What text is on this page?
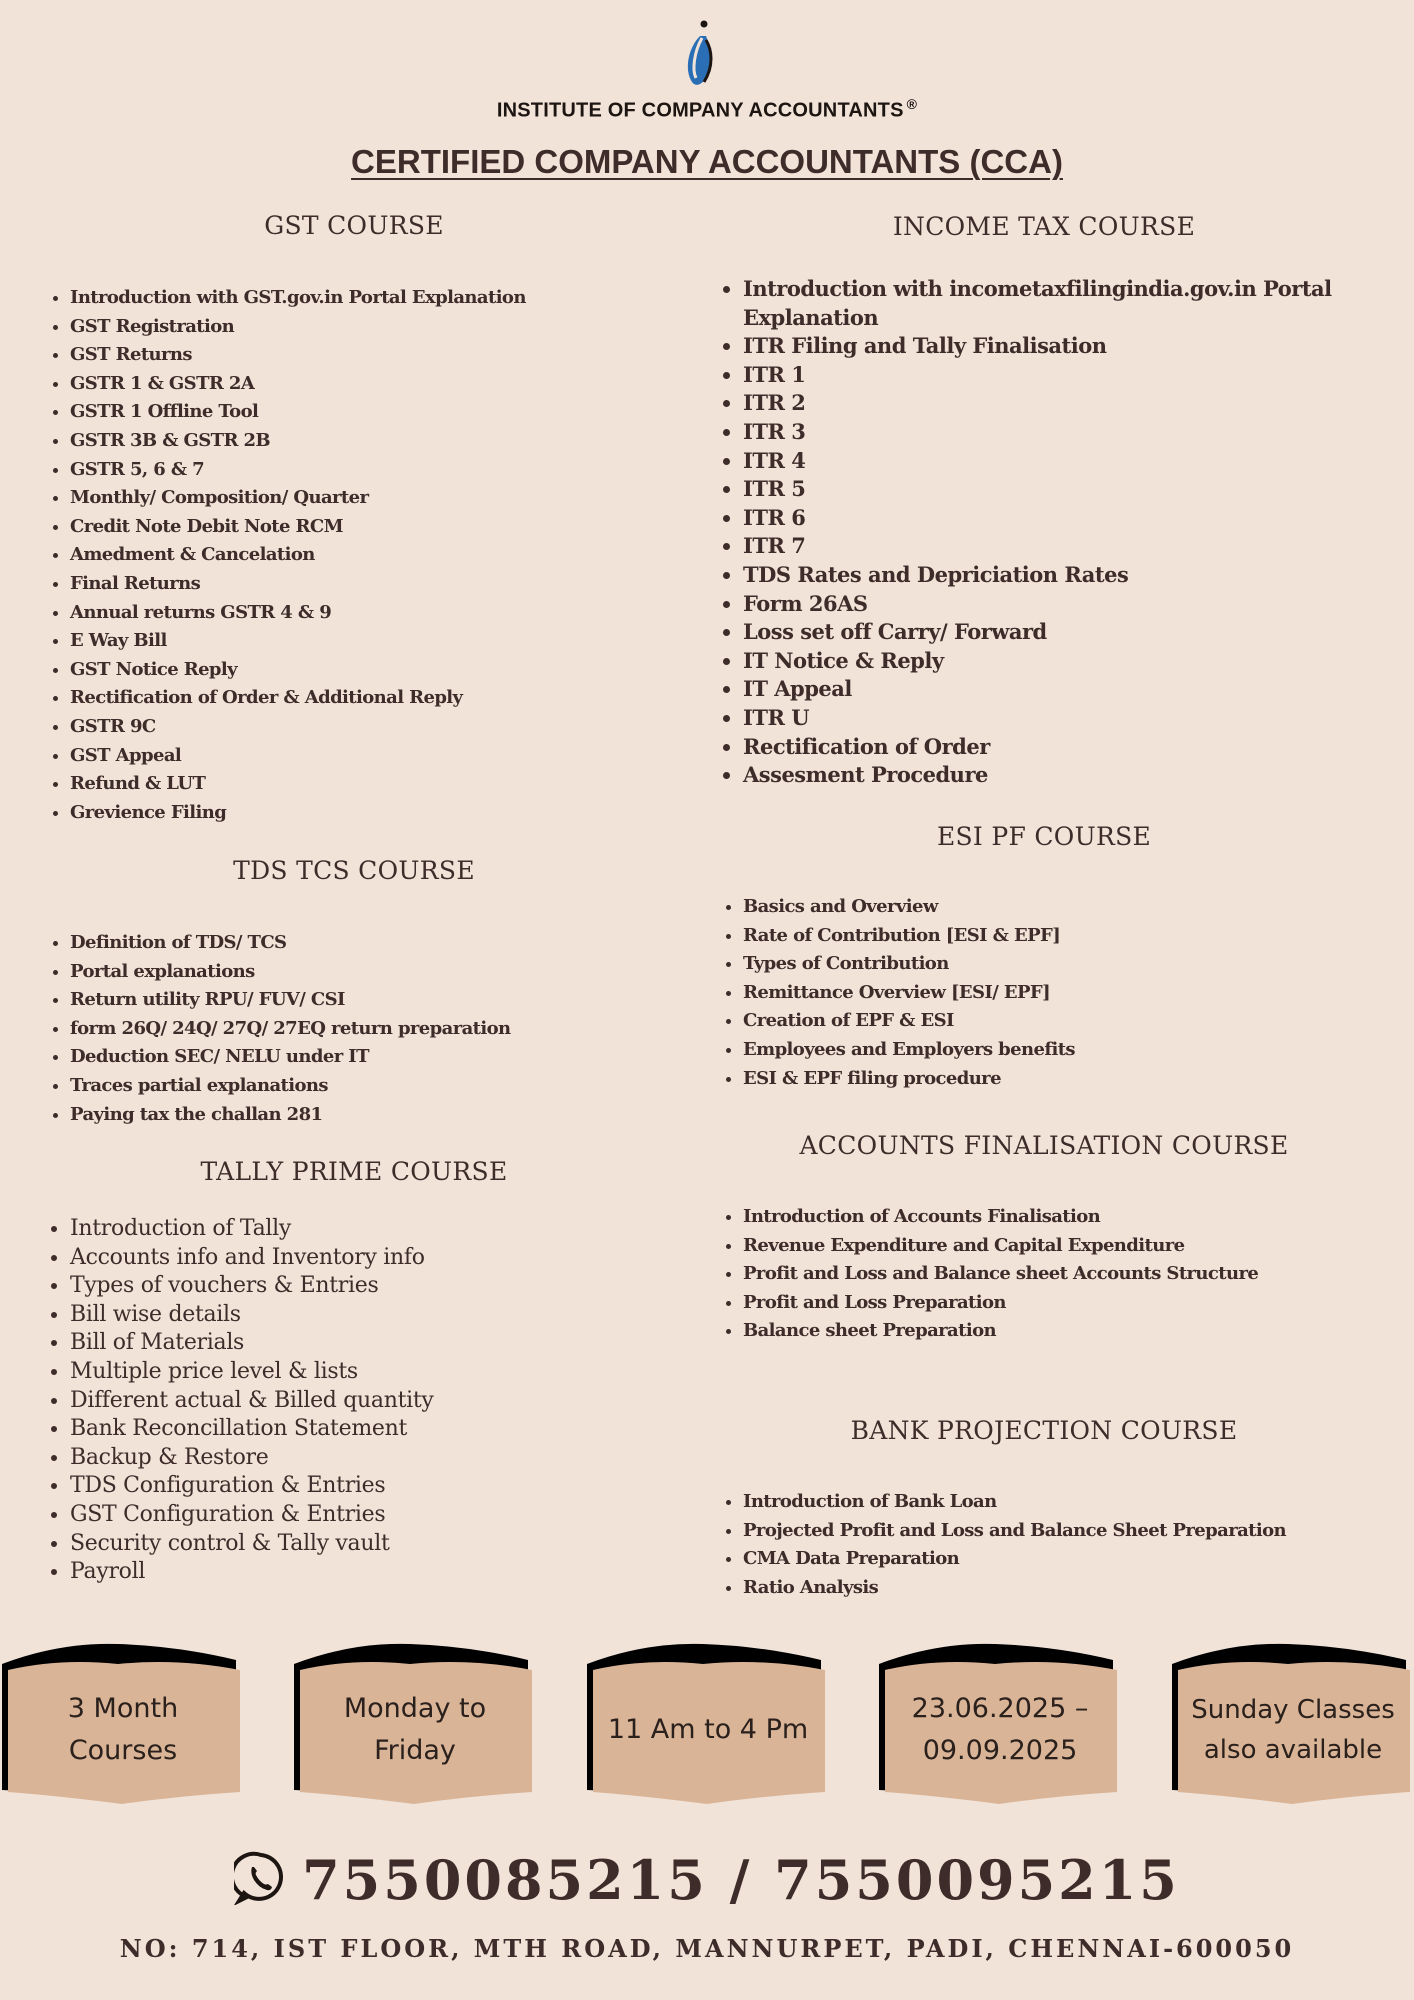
INSTITUTE OF COMPANY ACCOUNTANTS ®
CERTIFIED COMPANY ACCOUNTANTS (CCA)
GST COURSE
• Introduction with GST.gov.in Portal Explanation
• GST Registration
• GST Returns
• GSTR 1 & GSTR 2A
• GSTR 1 Offline Tool
• GSTR 3B & GSTR 2B
• GSTR 5, 6 & 7
• Monthly/ Composition/ Quarter
• Credit Note Debit Note RCM
• Amedment & Cancelation
• Final Returns
• Annual returns GSTR 4 & 9
• E Way Bill
• GST Notice Reply
• Rectification of Order & Additional Reply
• GSTR 9C
• GST Appeal
• Refund & LUT
• Grevience Filing
TDS TCS COURSE
• Definition of TDS/ TCS
• Portal explanations
• Return utility RPU/ FUV/ CSI
• form 26Q/ 24Q/ 27Q/ 27EQ return preparation
• Deduction SEC/ NELU under IT
• Traces partial explanations
• Paying tax the challan 281
TALLY PRIME COURSE
• Introduction of Tally
• Accounts info and Inventory info
• Types of vouchers & Entries
• Bill wise details
• Bill of Materials
• Multiple price level & lists
• Different actual & Billed quantity
• Bank Reconcillation Statement
• Backup & Restore
• TDS Configuration & Entries
• GST Configuration & Entries
• Security control & Tally vault
• Payroll
INCOME TAX COURSE
• Introduction with incometaxfilingindia.gov.in Portal Explanation
• ITR Filing and Tally Finalisation
• ITR 1
• ITR 2
• ITR 3
• ITR 4
• ITR 5
• ITR 6
• ITR 7
• TDS Rates and Depriciation Rates
• Form 26AS
• Loss set off Carry/ Forward
• IT Notice & Reply
• IT Appeal
• ITR U
• Rectification of Order
• Assesment Procedure
ESI PF COURSE
• Basics and Overview
• Rate of Contribution [ESI & EPF]
• Types of Contribution
• Remittance Overview [ESI/ EPF]
• Creation of EPF & ESI
• Employees and Employers benefits
• ESI & EPF filing procedure
ACCOUNTS FINALISATION COURSE
• Introduction of Accounts Finalisation
• Revenue Expenditure and Capital Expenditure
• Profit and Loss and Balance sheet Accounts Structure
• Profit and Loss Preparation
• Balance sheet Preparation
BANK PROJECTION COURSE
• Introduction of Bank Loan
• Projected Profit and Loss and Balance Sheet Preparation
• CMA Data Preparation
• Ratio Analysis
3 Month
Courses
Monday to
Friday
11 Am to 4 Pm
23.06.2025 –
09.09.2025
Sunday Classes
also available
7550085215 / 7550095215
NO: 714, IST FLOOR, MTH ROAD, MANNURPET, PADI, CHENNAI-600050
